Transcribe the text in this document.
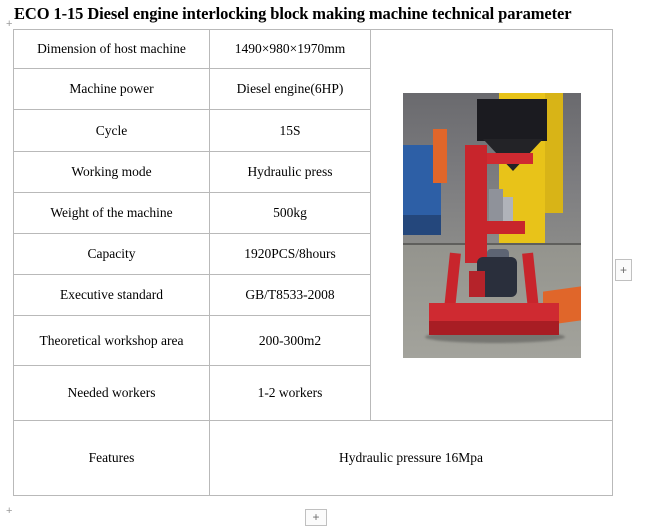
ECO 1-15 Diesel engine interlocking block making machine technical parameter
+
+
Dimension of host machine	1490×980×1970mm	

Machine power	Diesel engine(6HP)	
Cycle	15S	
Working mode	Hydraulic press	
Weight of the machine	500kg	
Capacity	1920PCS/8hours	
Executive standard	GB/T8533-2008	
Theoretical workshop area	200-300m2	
Needed workers	1-2 workers	
Features	Hydraulic pressure 16Mpa	
+
+
